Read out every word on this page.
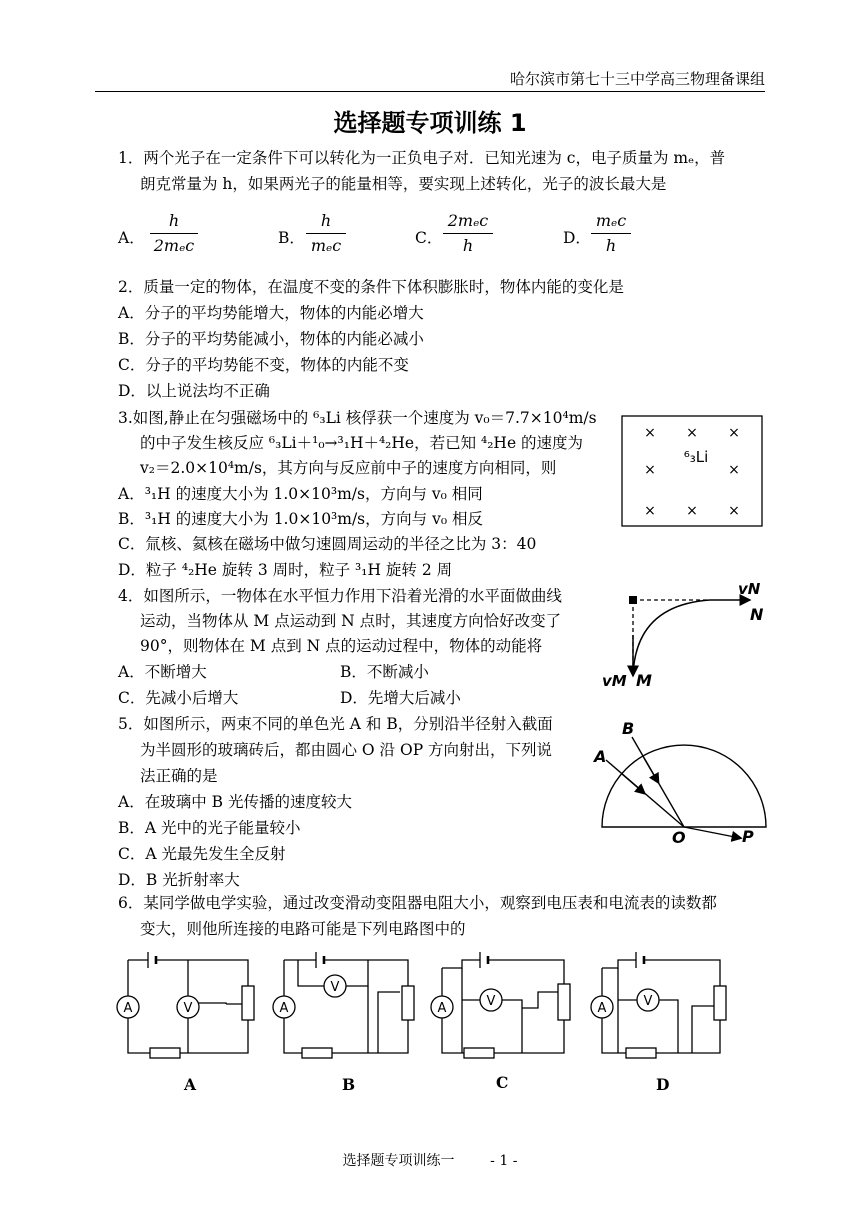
哈尔滨市第七十三中学高三物理备课组
选择题专项训练 1
1．两个光子在一定条件下可以转化为一正负电子对．已知光速为 c，电子质量为 mₑ，普
朗克常量为 h，如果两光子的能量相等，要实现上述转化，光子的波长最大是
A．
h
2mₑc	B．
h
mₑc	C．
2mₑc
h	D．
mₑc
h
2．质量一定的物体，在温度不变的条件下体积膨胀时，物体内能的变化是
A．分子的平均势能增大，物体的内能必增大
B．分子的平均势能减小，物体的内能必减小
C．分子的平均势能不变，物体的内能不变
D．以上说法均不正确
3.如图,静止在匀强磁场中的 ⁶₃Li 核俘获一个速度为 v₀＝7.7×10⁴m/s
的中子发生核反应 ⁶₃Li＋¹₀→³₁H＋⁴₂He，若已知 ⁴₂He 的速度为
v₂＝2.0×10⁴m/s，其方向与反应前中子的速度方向相同，则
A．³₁H 的速度大小为 1.0×10³m/s，方向与 v₀ 相同
B．³₁H 的速度大小为 1.0×10³m/s，方向与 v₀ 相反
C．氚核、氦核在磁场中做匀速圆周运动的半径之比为 3：40
D．粒子 ⁴₂He 旋转 3 周时，粒子 ³₁H 旋转 2 周
× × ×
×	×
× × ×
⁶₃Li
4．如图所示，一物体在水平恒力作用下沿着光滑的水平面做曲线
运动，当物体从 M 点运动到 N 点时，其速度方向恰好改变了
90°，则物体在 M 点到 N 点的运动过程中，物体的动能将
A．不断增大	B．不断减小
C．先减小后增大	D．先增大后减小
vN
N
vM M
5．如图所示，两束不同的单色光 A 和 B，分别沿半径射入截面
为半圆形的玻璃砖后，都由圆心 O 沿 OP 方向射出，下列说
法正确的是
A．在玻璃中 B 光传播的速度较大
B．A 光中的光子能量较小
C．A 光最先发生全反射
D．B 光折射率大
B
A
O	P
6．某同学做电学实验，通过改变滑动变阻器电阻大小，观察到电压表和电流表的读数都
变大，则他所连接的电路可能是下列电路图中的
A	V
A
A
V
B
A	V
C
A	V
D
选择题专项训练一        - 1 -
